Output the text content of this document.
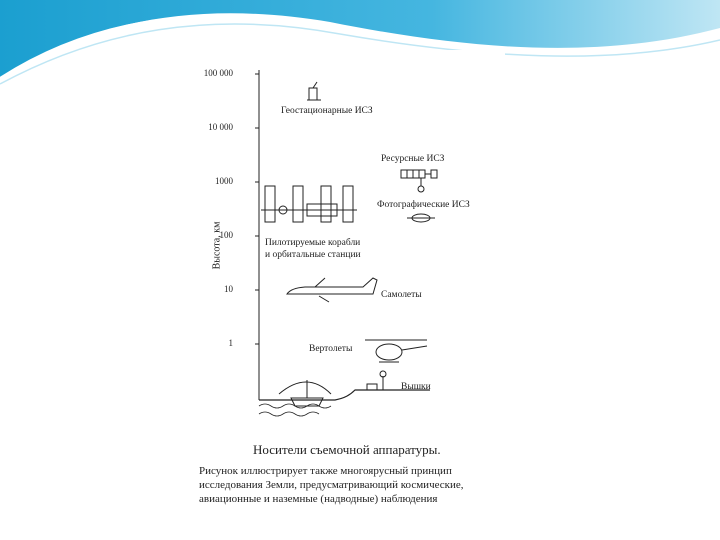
100 000
10 000
1000
100
10
1
Высота, км
Геостационарные ИСЗ
Ресурсные ИСЗ
Фотографические ИСЗ
Пилотируемые корабли
и орбитальные станции
Самолеты
Вертолеты
Вышки
Носители съемочной аппаратуры.
Рисунок иллюстрирует также многоярусный принцип
исследования Земли, предусматривающий космические,
авиационные и наземные (надводные) наблюдения
